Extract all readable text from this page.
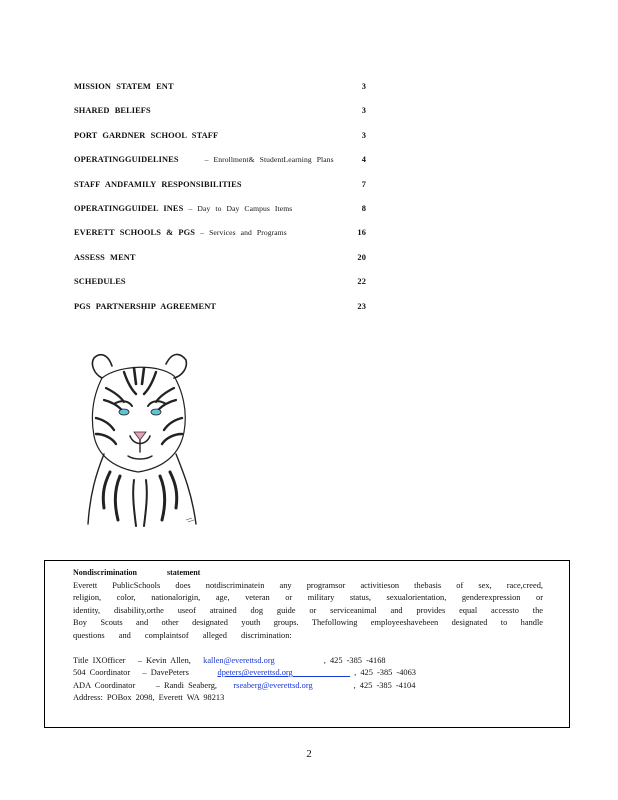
MISSION STATEM ENT	3
SHARED BELIEFS	3
PORT GARDNER SCHOOL STAFF	3
OPERATINGGUIDELINES	– Enrollment& StudentLearning Plans	4
STAFF ANDFAMILY RESPONSIBILITIES	7
OPERATINGGUIDEL INES – Day to Day Campus Items	8
EVERETT SCHOOLS & PGS – Services and Programs	16
ASSESS MENT	20
SCHEDULES	22
PGS PARTNERSHIP AGREEMENT	23
Nondiscrimination statement
Everett PublicSchools does notdiscriminatein any programsor activitieson thebasis of sex, race,creed,
religion, color, nationalorigin, age, veteran or military status, sexualorientation, genderexpression or
identity, disability,orthe useof atrained dog guide or serviceanimal and provides equal accessto the
Boy Scouts and other designated youth groups. Thefollowing employeeshavebeen designated to handle
questions and complaintsof alleged discrimination:
Title IXOfficer – Kevin Allen, kallen@everettsd.org	, 425 -385 -4168
504 Coordinator – DavePeters	dpeters@everettsd.org	, 425 -385 -4063
ADA Coordinator – Randi Seaberg, rseaberg@everettsd.org	, 425 -385 -4104
Address: POBox 2098, Everett WA 98213
2
